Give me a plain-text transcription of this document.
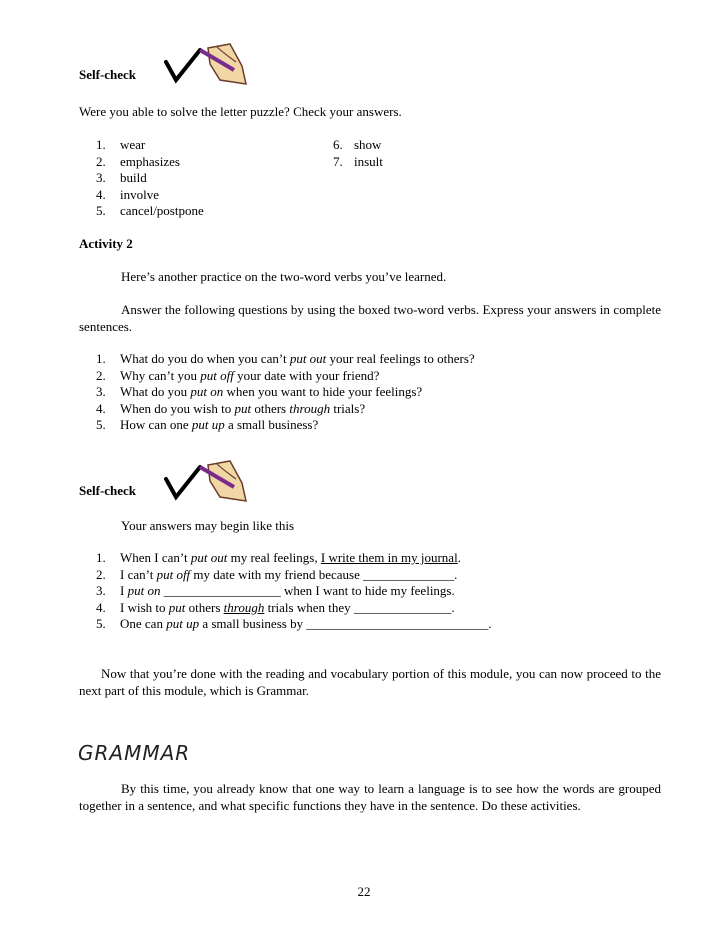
Self-check
Were you able to solve the letter puzzle? Check your answers.
1.	wear
2.	emphasizes
3.	build
4.	involve
5.	cancel/postpone
6. show
7. insult
Activity 2
Here’s another practice on the two-word verbs you’ve learned.
Answer the following questions by using the boxed two-word verbs. Express your answers in complete sentences.
1.	What do you do when you can’t put out your real feelings to others?
2.	Why can’t you put off your date with your friend?
3.	What do you put on when you want to hide your feelings?
4.	When do you wish to put others through trials?
5.	How can one put up a small business?
Self-check
Your answers may begin like this
1.	When I can’t put out my real feelings, I write them in my journal.
2.	I can’t put off my date with my friend because ______________.
3.	I put on __________________ when I want to hide my feelings.
4.	I wish to put others through trials when they _______________.
5.	One can put up a small business by ____________________________.
Now that you’re done with the reading and vocabulary portion of this module, you can now proceed to the next part of this module, which is Grammar.
GRAMMAR
By this time, you already know that one way to learn a language is to see how the words are grouped together in a sentence, and what specific functions they have in the sentence. Do these activities.
22
